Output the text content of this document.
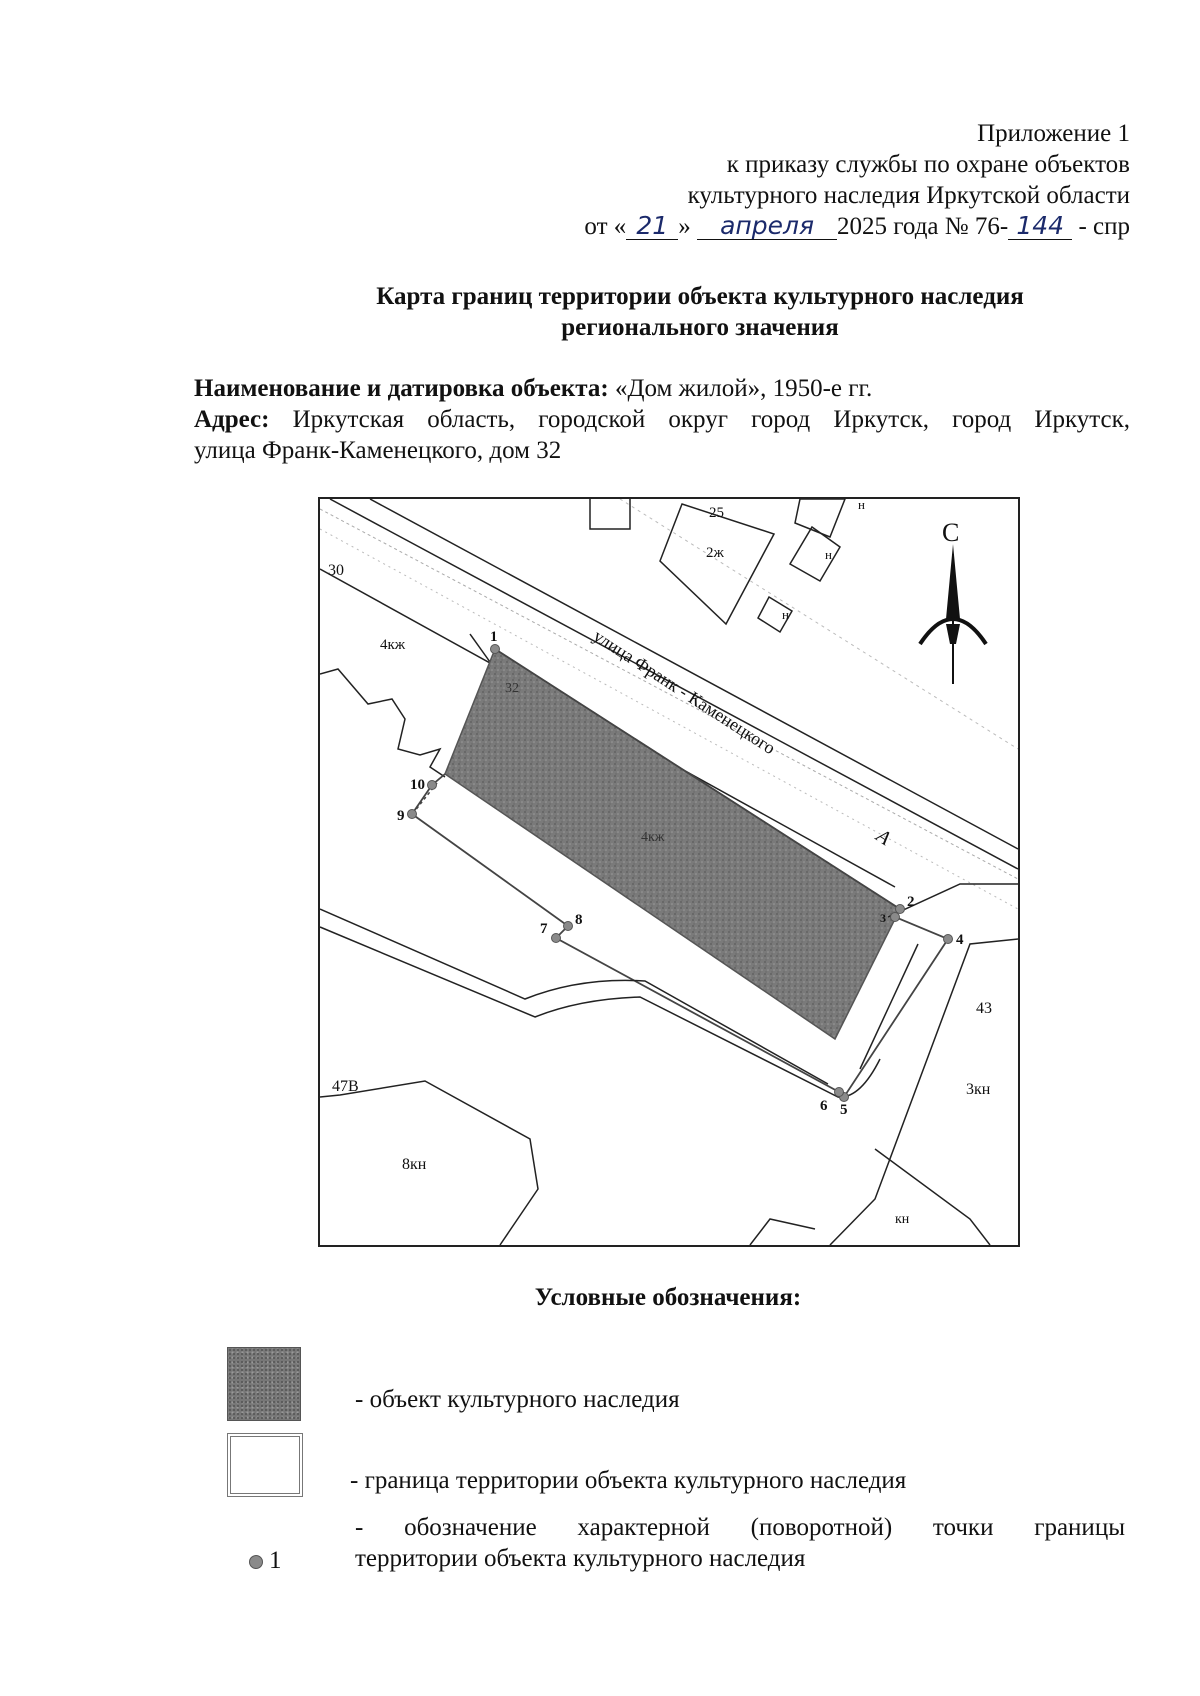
Приложение 1
к приказу службы по охране объектов
культурного наследия Иркутской области
от « 21 » апреля 2025 года № 76- 144 - спр
Карта границ территории объекта культурного наследия
регионального значения
Наименование и датировка объекта: «Дом жилой», 1950-е гг.
Адрес: Иркутская область, городской округ город Иркутск, город Иркутск,
улица Франк-Каменецкого, дом 32
25
2ж
н
н
н
30
4кж
32
4кж
43
3кн
47В
8кн
кн
С
А
улица Франк - Каменецкого
1
2
3
4
5
6
7
8
9
10
Условные обозначения:
- объект культурного наследия
- граница территории объекта культурного наследия
1
- обозначение характерной (поворотной) точки границы
территории объекта культурного наследия
